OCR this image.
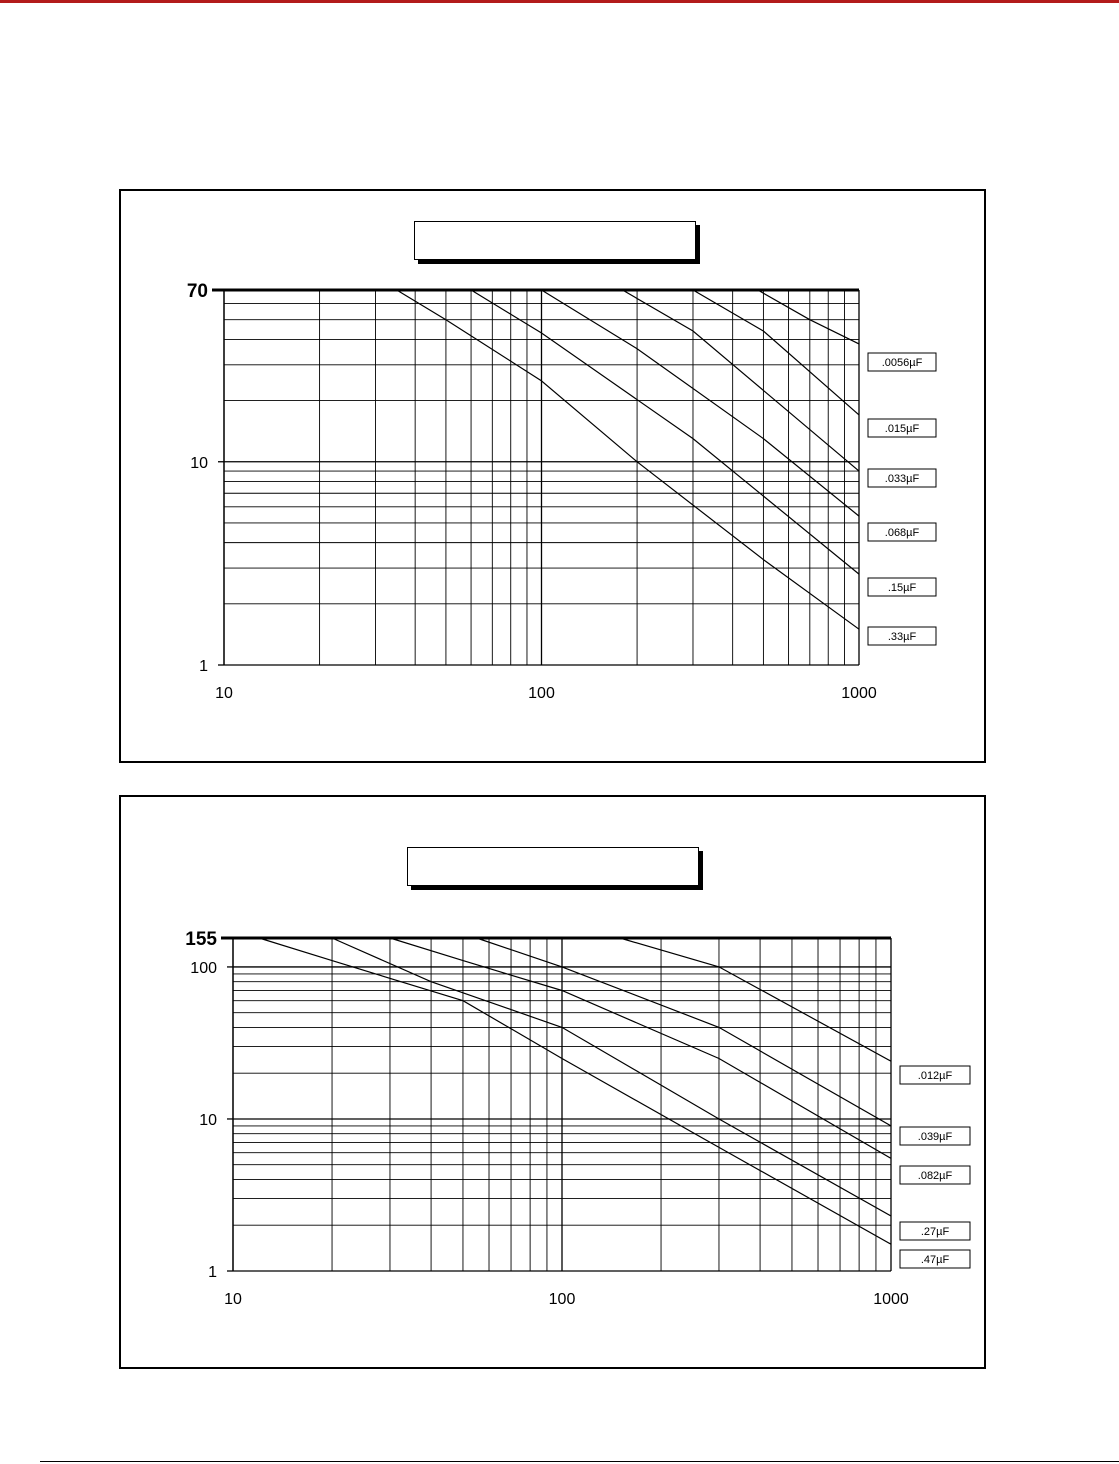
1
10
70
10	100	1000
.0056µF
.015µF
.033µF
.068µF
.15µF
.33µF
1
10
100
155
10	100	1000
.012µF
.039µF
.082µF
.27µF
.47µF
